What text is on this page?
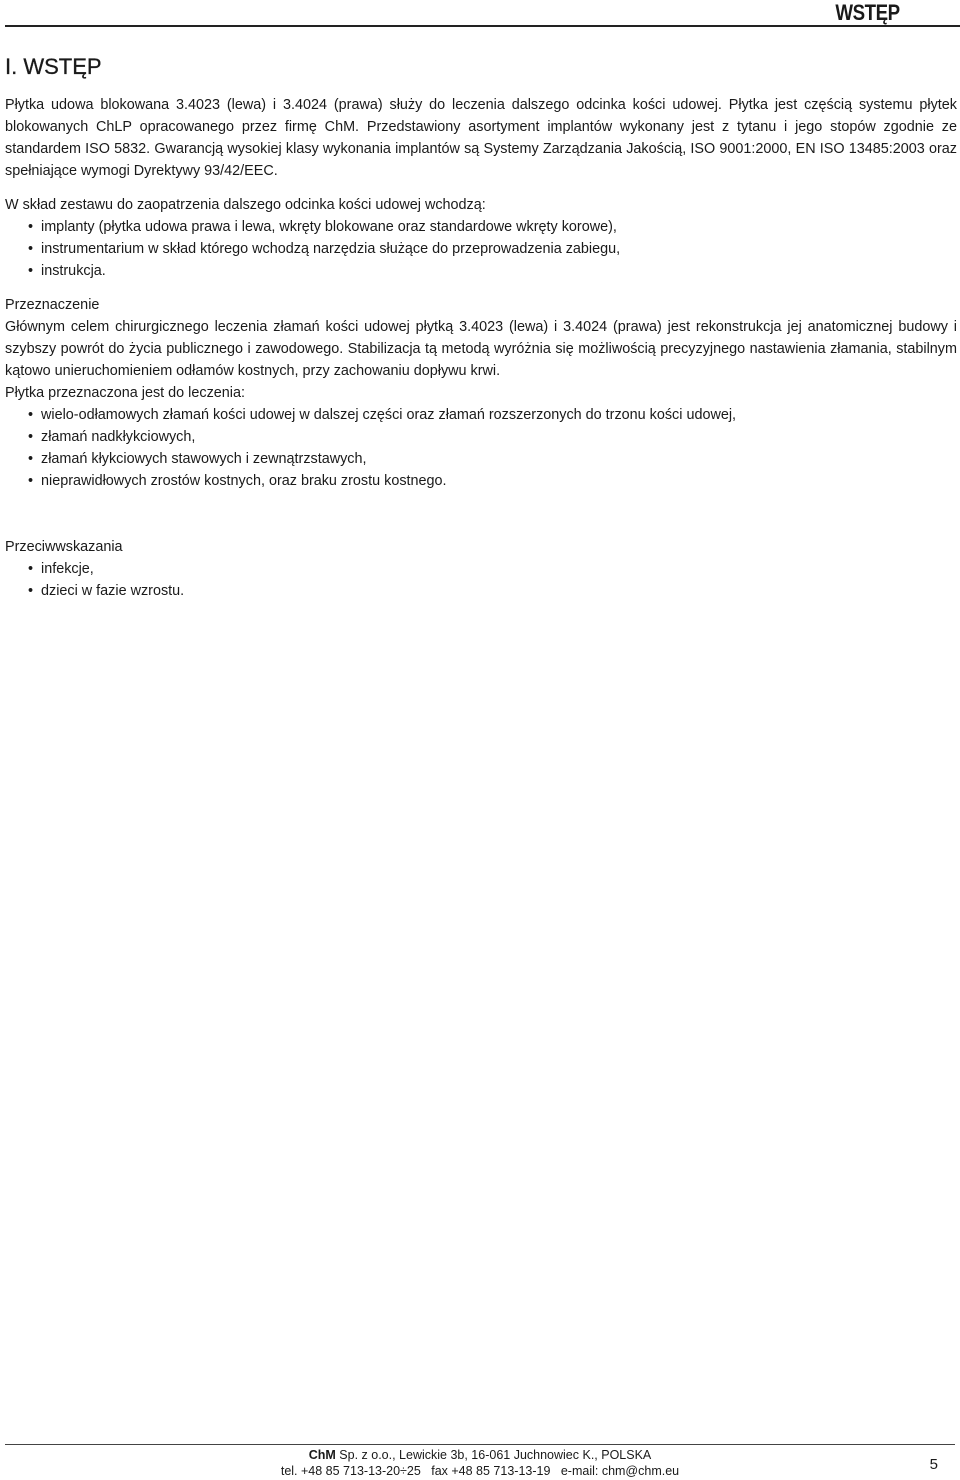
WSTĘP
I. WSTĘP

Płytka udowa blokowana 3.4023 (lewa) i 3.4024 (prawa) służy do leczenia dalszego odcinka kości udowej. Płytka jest częścią systemu płytek blokowanych ChLP opracowanego przez firmę ChM. Przedstawiony asortyment implantów wykonany jest z tytanu i jego stopów zgodnie ze standardem ISO 5832. Gwarancją wysokiej klasy wykonania implantów są Systemy Zarządzania Jakością, ISO 9001:2000, EN ISO 13485:2003 oraz spełniające wymogi Dyrektywy 93/42/EEC.

W skład zestawu do zaopatrzenia dalszego odcinka kości udowej wchodzą:

• implanty (płytka udowa prawa i lewa, wkręty blokowane oraz standardowe wkręty korowe),
• instrumentarium w skład którego wchodzą narzędzia służące do przeprowadzenia zabiegu,
• instrukcja.

Przeznaczenie

Głównym celem chirurgicznego leczenia złamań kości udowej płytką 3.4023 (lewa) i 3.4024 (prawa) jest rekonstrukcja jej anatomicznej budowy i szybszy powrót do życia publicznego i zawodowego. Stabilizacja tą metodą wyróżnia się możliwością precyzyjnego nastawienia złamania, stabilnym kątowo unieruchomieniem odłamów kostnych, przy zachowaniu dopływu krwi.

Płytka przeznaczona jest do leczenia:

• wielo-odłamowych złamań kości udowej w dalszej części oraz złamań rozszerzonych do trzonu kości udowej,
• złamań nadkłykciowych,
• złamań kłykciowych stawowych i zewnątrzstawych,
• nieprawidłowych zrostów kostnych, oraz braku zrostu kostnego.

Przeciwwskazania

• infekcje,
• dzieci w fazie wzrostu.
ChM Sp. z o.o., Lewickie 3b, 16-061 Juchnowiec K., POLSKA
tel. +48 85 713-13-20÷25   fax +48 85 713-13-19   e-mail: chm@chm.eu	5
